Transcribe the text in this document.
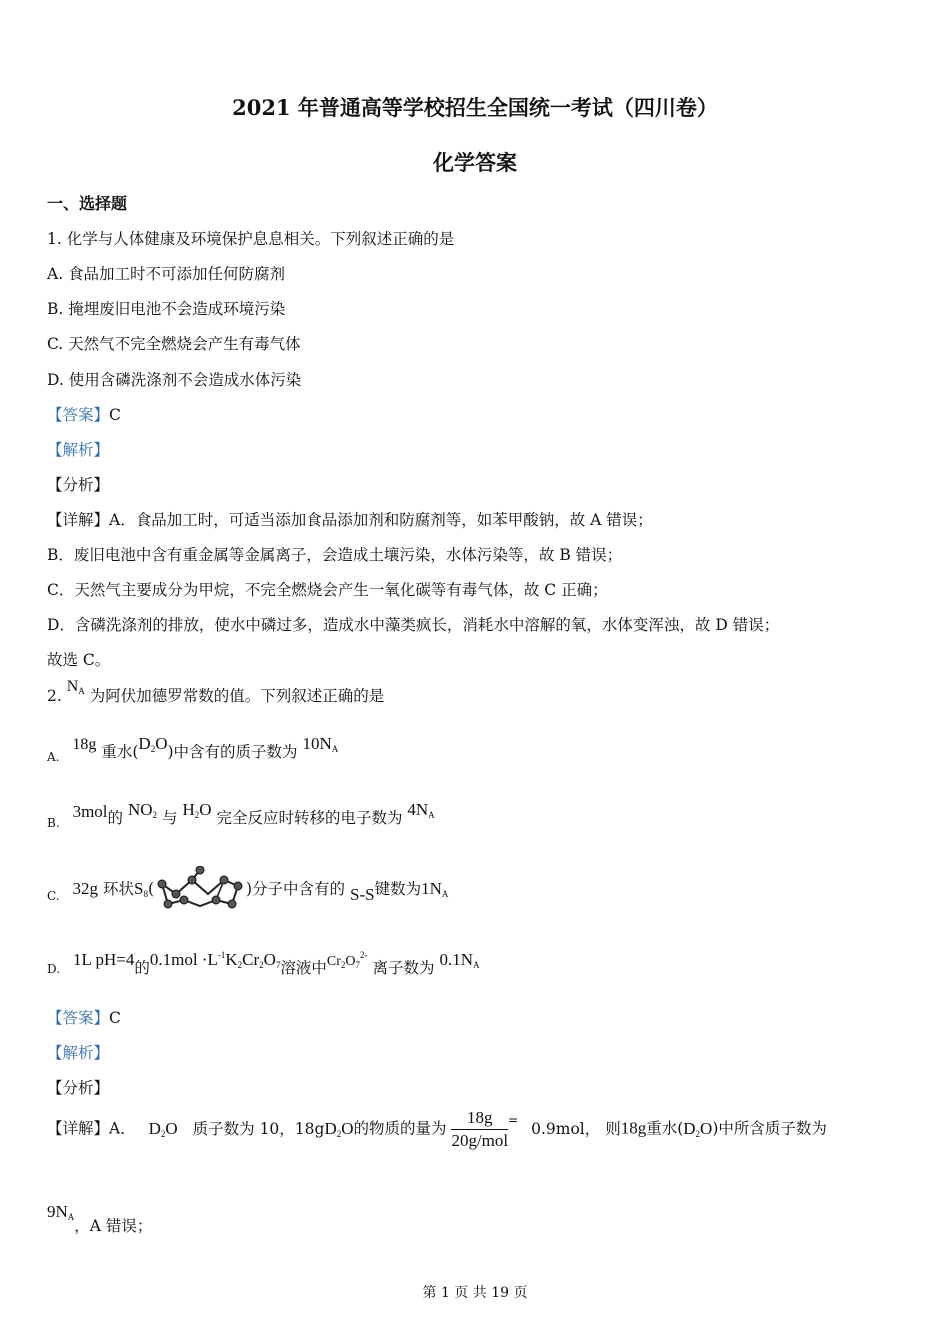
2021 年普通高等学校招生全国统一考试（四川卷）
化学答案
一、选择题
1. 化学与人体健康及环境保护息息相关。下列叙述正确的是
A. 食品加工时不可添加任何防腐剂
B. 掩埋废旧电池不会造成环境污染
C. 天然气不完全燃烧会产生有毒气体
D. 使用含磷洗涤剂不会造成水体污染
【答案】C
【解析】
【分析】
【详解】A．食品加工时，可适当添加食品添加剂和防腐剂等，如苯甲酸钠，故 A 错误；
B．废旧电池中含有重金属等金属离子，会造成土壤污染，水体污染等，故 B 错误；
C．天然气主要成分为甲烷，不完全燃烧会产生一氧化碳等有毒气体，故 C 正确；
D．含磷洗涤剂的排放，使水中磷过多，造成水中藻类疯长，消耗水中溶解的氧，水体变浑浊，故 D 错误；
故选 C。
2. $N_A$ 为阿伏加德罗常数的值。下列叙述正确的是
$_{A.}$ 18g 重水$(D_2O)$中含有的质子数为 $10N_A$
$_{B.}$ 3mol的 $NO_2$ 与 $H_2O$ 完全反应时转移的电子数为 $4N_A$
$_{C.}$ 32g 环状$S_8$(	)分子中含有的 S-S键数为$1N_A$
$_{D.}$ 1L pH=4的$0.1mol \cdot L^{-1}K_2Cr_2O_7$溶液中$Cr_2O_7^{2-}$ 离子数为 $0.1N_A$
【答案】C
【解析】
【分析】
【详解】A． $D_2O$ 质子数为 10，$18gD_2O$的物质的量为 $\frac{18g}{\text{20g/mol}} ^=$ 0.9mol， 则18g重水$(D_2O)$中所含质子数为
$9N_A$，A 错误；
第 1 页 共 19 页
